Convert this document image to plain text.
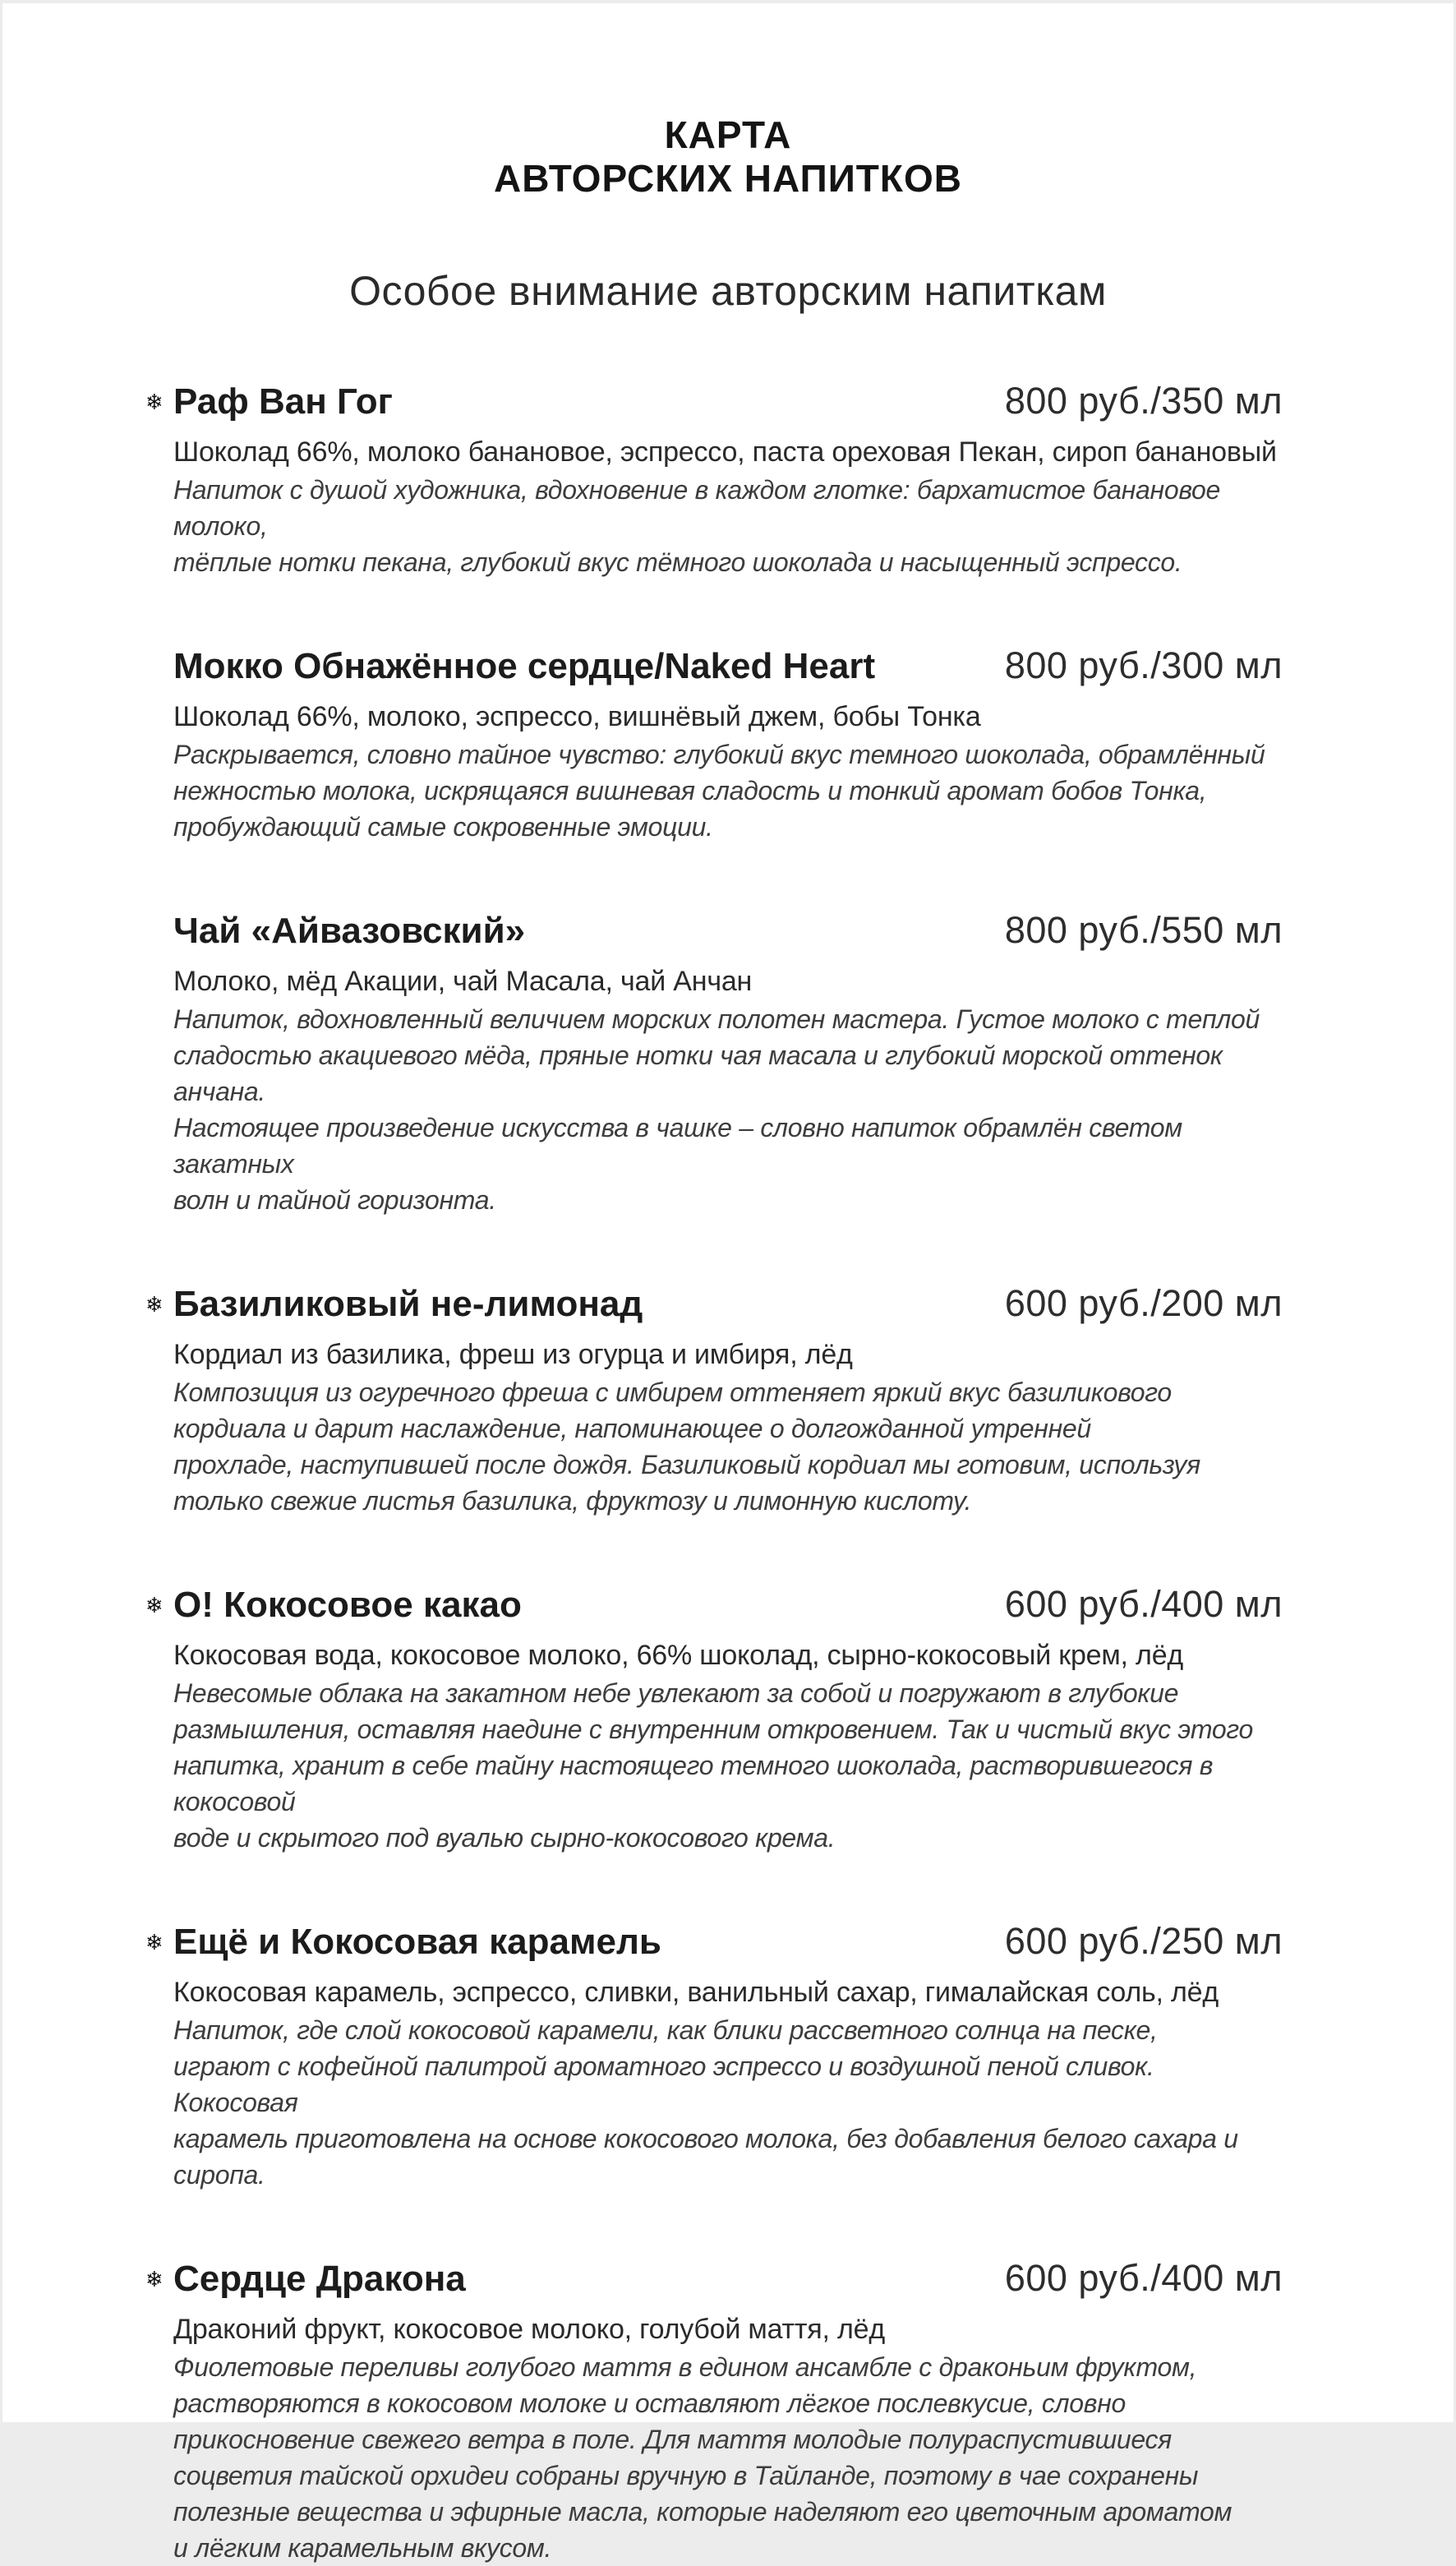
КАРТА
АВТОРСКИХ НАПИТКОВ
Особое внимание авторским напиткам
❄ Раф Ван Гог	800 руб./350 мл
Шоколад 66%, молоко банановое, эспрессо, паста ореховая Пекан, сироп банановый
Напиток с душой художника, вдохновение в каждом глотке: бархатистое банановое молоко,
тёплые нотки пекана, глубокий вкус тёмного шоколада и насыщенный эспрессо.
Мокко Обнажённое сердце/Naked Heart	800 руб./300 мл
Шоколад 66%, молоко, эспрессо, вишнёвый джем, бобы Тонка
Раскрывается, словно тайное чувство: глубокий вкус темного шоколада, обрамлённый
нежностью молока, искрящаяся вишневая сладость и тонкий аромат бобов Тонка,
пробуждающий самые сокровенные эмоции.
Чай «Айвазовский»	800 руб./550 мл
Молоко, мёд Акации, чай Масала, чай Анчан
Напиток, вдохновленный величием морских полотен мастера. Густое молоко с теплой
сладостью акациевого мёда, пряные нотки чая масала и глубокий морской оттенок анчана.
Настоящее произведение искусства в чашке – словно напиток обрамлён светом закатных
волн и тайной горизонта.
❄ Базиликовый не-лимонад	600 руб./200 мл
Кордиал из базилика, фреш из огурца и имбиря, лёд
Композиция из огуречного фреша с имбирем оттеняет яркий вкус базиликового
кордиала и дарит наслаждение, напоминающее о долгожданной утренней
прохладе, наступившей после дождя. Базиликовый кордиал мы готовим, используя
только свежие листья базилика, фруктозу и лимонную кислоту.
❄ О! Кокосовое какао	600 руб./400 мл
Кокосовая вода, кокосовое молоко, 66% шоколад, сырно-кокосовый крем, лёд
Невесомые облака на закатном небе увлекают за собой и погружают в глубокие
размышления, оставляя наедине с внутренним откровением. Так и чистый вкус этого
напитка, хранит в себе тайну настоящего темного шоколада, растворившегося в кокосовой
воде и скрытого под вуалью сырно-кокосового крема.
❄ Ещё и Кокосовая карамель	600 руб./250 мл
Кокосовая карамель, эспрессо, сливки, ванильный сахар, гималайская соль, лёд
Напиток, где слой кокосовой карамели, как блики рассветного солнца на песке,
играют с кофейной палитрой ароматного эспрессо и воздушной пеной сливок. Кокосовая
карамель приготовлена на основе кокосового молока, без добавления белого сахара и сиропа.
❄ Сердце Дракона	600 руб./400 мл
Драконий фрукт, кокосовое молоко, голубой маття, лёд
Фиолетовые переливы голубого маття в едином ансамбле с драконьим фруктом,
растворяются в кокосовом молоке и оставляют лёгкое послевкусие, словно
прикосновение свежего ветра в поле. Для маття молодые полураспустившиеся
соцветия тайской орхидеи собраны вручную в Тайланде, поэтому в чае сохранены
полезные вещества и эфирные масла, которые наделяют его цветочным ароматом
и лёгким карамельным вкусом.
